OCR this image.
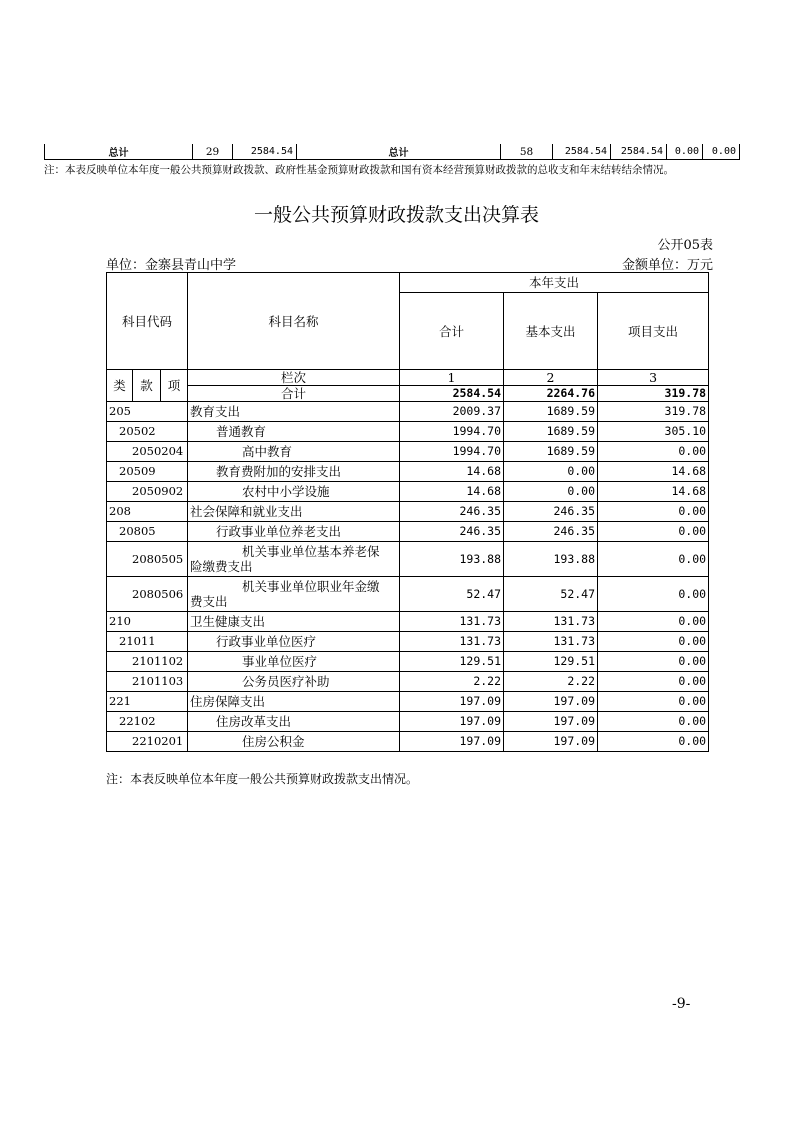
总计	29	2584.54	总计	58	2584.54	2584.54	0.00	0.00
注：本表反映单位本年度一般公共预算财政拨款、政府性基金预算财政拨款和国有资本经营预算财政拨款的总收支和年末结转结余情况。
一般公共预算财政拨款支出决算表
公开05表
单位：金寨县青山中学	金额单位：万元
科目代码			科目名称	本年支出		
				合计	基本支出	项目支出
类	款	项	栏次	1	2	3
			合计	2584.54	2264.76	319.78
205			教育支出	2009.37	1689.59	319.78
20502			普通教育	1994.70	1689.59	305.10
2050204			高中教育	1994.70	1689.59	0.00
20509			教育费附加的安排支出	14.68	0.00	14.68
2050902			农村中小学设施	14.68	0.00	14.68
208			社会保障和就业支出	246.35	246.35	0.00
20805			行政事业单位养老支出	246.35	246.35	0.00
2080505			机关事业单位基本养老保
险缴费支出	193.88	193.88	0.00
2080506			机关事业单位职业年金缴
费支出	52.47	52.47	0.00
210			卫生健康支出	131.73	131.73	0.00
21011			行政事业单位医疗	131.73	131.73	0.00
2101102			事业单位医疗	129.51	129.51	0.00
2101103			公务员医疗补助	2.22	2.22	0.00
221			住房保障支出	197.09	197.09	0.00
22102			住房改革支出	197.09	197.09	0.00
2210201			住房公积金	197.09	197.09	0.00
注：本表反映单位本年度一般公共预算财政拨款支出情况。
-9-
